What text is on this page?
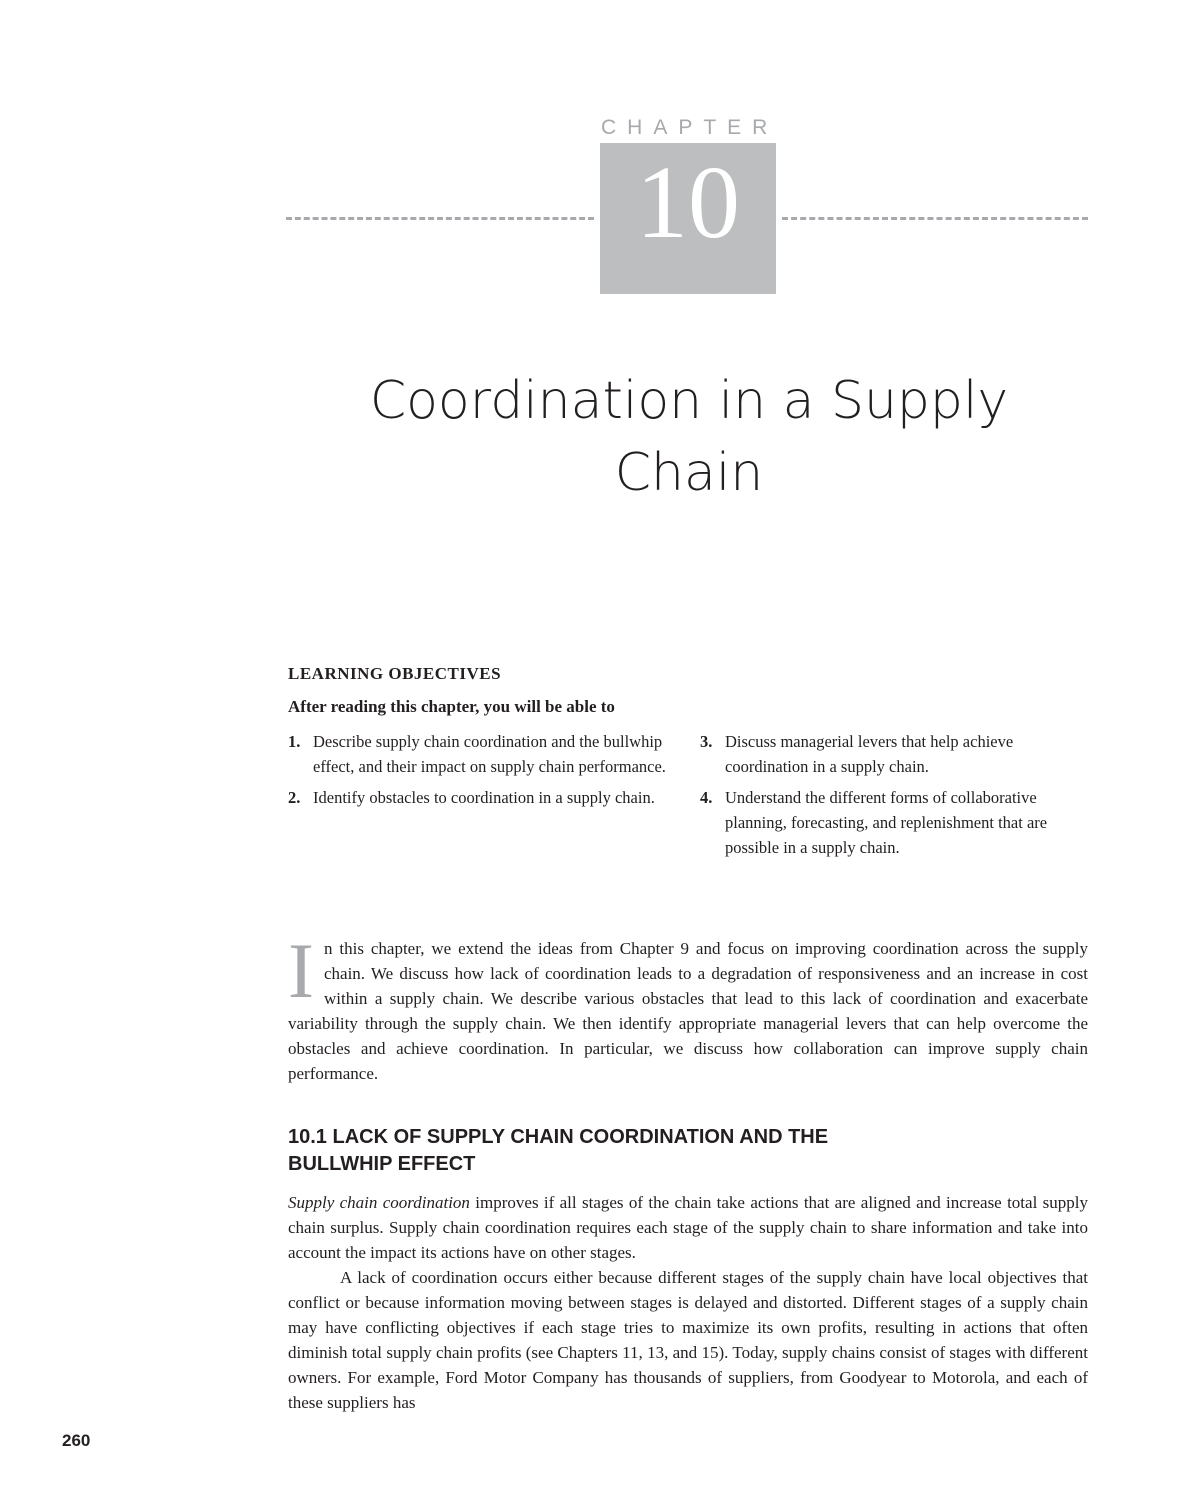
CHAPTER
10
Coordination in a Supply
Chain
LEARNING OBJECTIVES
After reading this chapter, you will be able to
1. Describe supply chain coordination and the bullwhip effect, and their impact on supply chain performance.
2. Identify obstacles to coordination in a supply chain.
3. Discuss managerial levers that help achieve coordination in a supply chain.
4. Understand the different forms of collaborative planning, forecasting, and replenishment that are possible in a supply chain.
In this chapter, we extend the ideas from Chapter 9 and focus on improving coordination across the supply chain. We discuss how lack of coordination leads to a degradation of responsiveness and an increase in cost within a supply chain. We describe various obstacles that lead to this lack of coordination and exacerbate variability through the supply chain. We then identify appropriate managerial levers that can help overcome the obstacles and achieve coordination. In particular, we discuss how collaboration can improve supply chain performance.
10.1 LACK OF SUPPLY CHAIN COORDINATION AND THE
BULLWHIP EFFECT
Supply chain coordination improves if all stages of the chain take actions that are aligned and increase total supply chain surplus. Supply chain coordination requires each stage of the supply chain to share information and take into account the impact its actions have on other stages.
A lack of coordination occurs either because different stages of the supply chain have local objectives that conflict or because information moving between stages is delayed and distorted. Different stages of a supply chain may have conflicting objectives if each stage tries to maximize its own profits, resulting in actions that often diminish total supply chain profits (see Chapters 11, 13, and 15). Today, supply chains consist of stages with different owners. For example, Ford Motor Company has thousands of suppliers, from Goodyear to Motorola, and each of these suppliers has
260
